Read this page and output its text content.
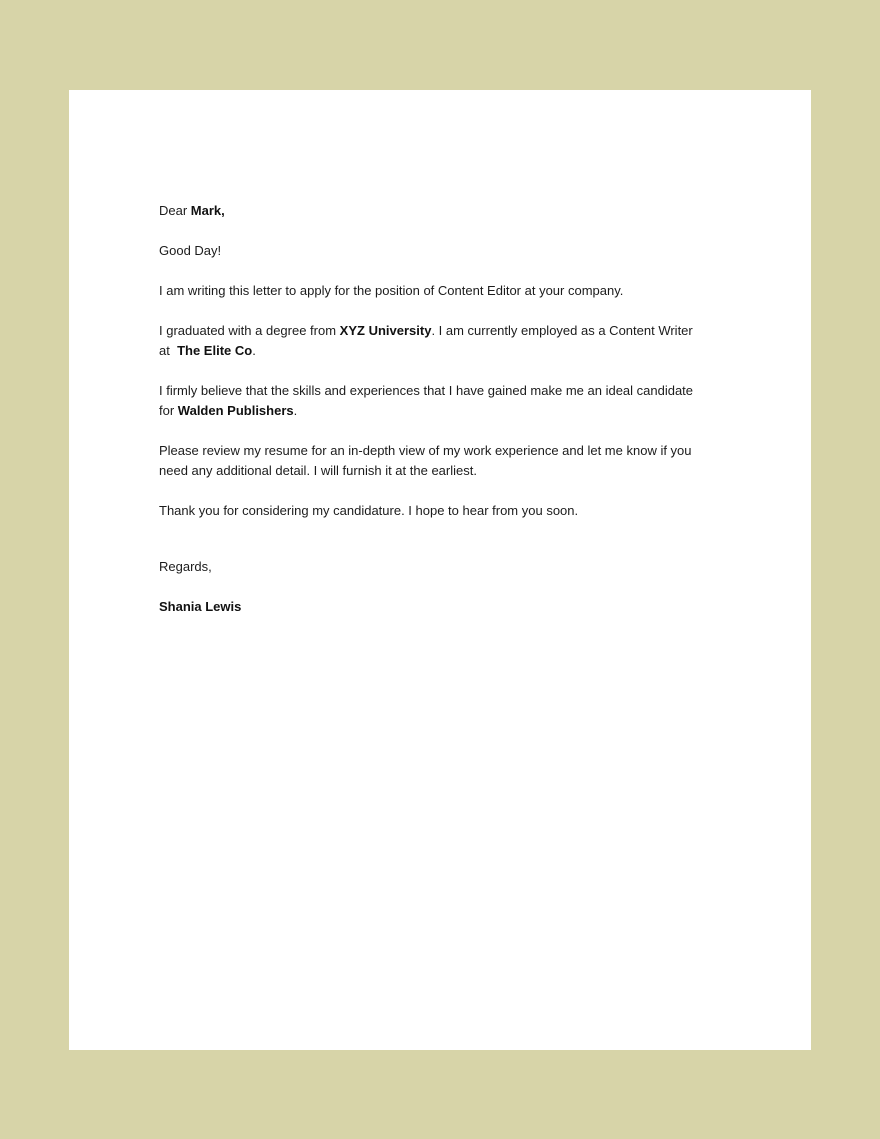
Dear Mark,
Good Day!
I am writing this letter to apply for the position of Content Editor at your company.
I graduated with a degree from XYZ University. I am currently employed as a Content Writer
at  The Elite Co.
I firmly believe that the skills and experiences that I have gained make me an ideal candidate
for Walden Publishers.
Please review my resume for an in-depth view of my work experience and let me know if you
need any additional detail. I will furnish it at the earliest.
Thank you for considering my candidature. I hope to hear from you soon.
Regards,
Shania Lewis
